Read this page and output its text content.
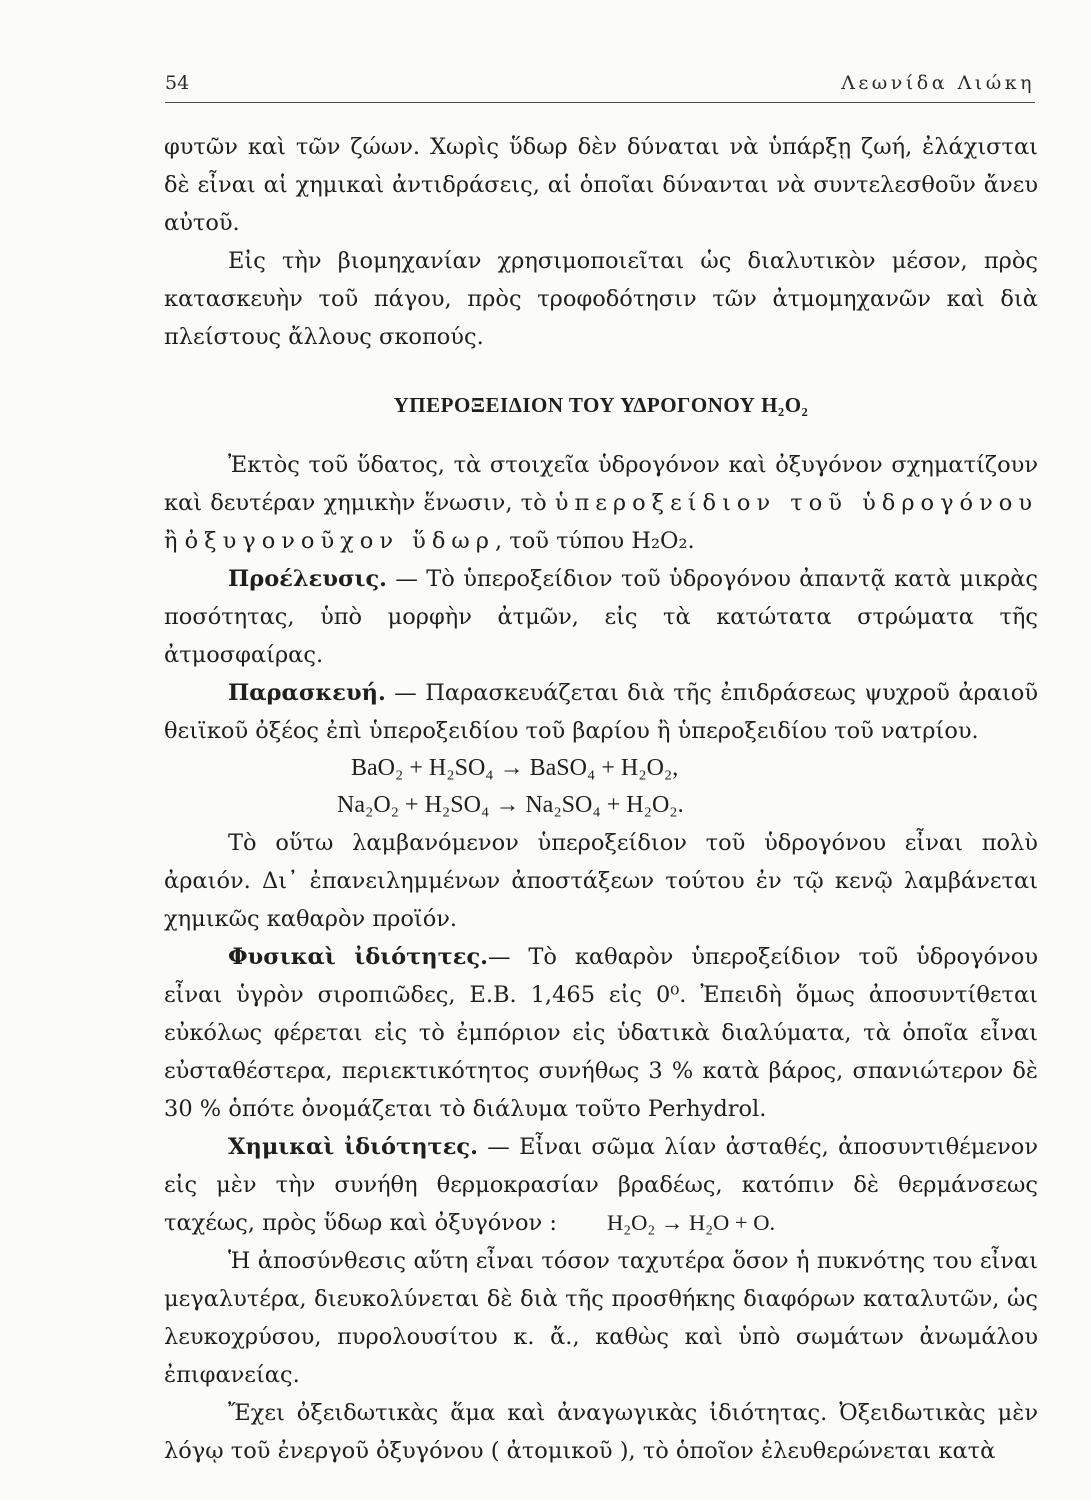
54	Λεωνίδα Λιώκη

φυτῶν καὶ τῶν ζώων. Χωρὶς ὕδωρ δὲν δύναται νὰ ὑπάρξῃ ζωή, ἐλάχισται δὲ εἶναι αἱ χημικαὶ ἀντιδράσεις, αἱ ὁποῖαι δύνανται νὰ συντελεσθοῦν ἄνευ αὐτοῦ.

Εἰς τὴν βιομηχανίαν χρησιμοποιεῖται ὡς διαλυτικὸν μέσον, πρὸς κατασκευὴν τοῦ πάγου, πρὸς τροφοδότησιν τῶν ἀτμομηχανῶν καὶ διὰ πλείστους ἄλλους σκοπούς.

ΥΠΕΡΟΞΕΙΔΙΟΝ ΤΟΥ ΥΔΡΟΓΟΝΟΥ H₂O₂

Ἐκτὸς τοῦ ὕδατος, τὰ στοιχεῖα ὑδρογόνον καὶ ὀξυγόνον σχηματίζουν καὶ δευτέραν χημικὴν ἕνωσιν, τὸ ὑπεροξείδιον τοῦ ὑδρογόνου ἢ ὀξυγονοῦχον ὕδωρ, τοῦ τύπου H₂O₂.

Προέλευσις. — Τὸ ὑπεροξείδιον τοῦ ὑδρογόνου ἀπαντᾷ κατὰ μικρὰς ποσότητας, ὑπὸ μορφὴν ἀτμῶν, εἰς τὰ κατώτατα στρώματα τῆς ἀτμοσφαίρας.

Παρασκευή. — Παρασκευάζεται διὰ τῆς ἐπιδράσεως ψυχροῦ ἀραιοῦ θειϊκοῦ ὀξέος ἐπὶ ὑπεροξειδίου τοῦ βαρίου ἢ ὑπεροξειδίου τοῦ νατρίου.

BaO₂ + H₂SO₄ → BaSO₄ + H₂O₂,

Na₂O₂ + H₂SO₄ → Na₂SO₄ + H₂O₂.

Τὸ οὕτω λαμβανόμενον ὑπεροξείδιον τοῦ ὑδρογόνου εἶναι πολὺ ἀραιόν. Δι᾿ ἐπανειλημμένων ἀποστάξεων τούτου ἐν τῷ κενῷ λαμβάνεται χημικῶς καθαρὸν προϊόν.

Φυσικαὶ ἰδιότητες.— Τὸ καθαρὸν ὑπεροξείδιον τοῦ ὑδρογόνου εἶναι ὑγρὸν σιροπιῶδες, Ε.Β. 1,465 εἰς 0⁰. Ἐπειδὴ ὅμως ἀποσυντίθεται εὐκόλως φέρεται εἰς τὸ ἐμπόριον εἰς ὑδατικὰ διαλύματα, τὰ ὁποῖα εἶναι εὐσταθέστερα, περιεκτικότητος συνήθως 3 % κατὰ βάρος, σπανιώτερον δὲ 30 % ὁπότε ὀνομάζεται τὸ διάλυμα τοῦτο Perhydrol.

Χημικαὶ ἰδιότητες. — Εἶναι σῶμα λίαν ἀσταθές, ἀποσυντιθέμενον εἰς μὲν τὴν συνήθη θερμοκρασίαν βραδέως, κατόπιν δὲ θερμάνσεως ταχέως, πρὸς ὕδωρ καὶ ὀξυγόνον : H₂O₂ → H₂O + O.

Ἡ ἀποσύνθεσις αὕτη εἶναι τόσον ταχυτέρα ὅσον ἡ πυκνότης του εἶναι μεγαλυτέρα, διευκολύνεται δὲ διὰ τῆς προσθήκης διαφόρων καταλυτῶν, ὡς λευκοχρύσου, πυρολουσίτου κ. ἄ., καθὼς καὶ ὑπὸ σωμάτων ἀνωμάλου ἐπιφανείας.

Ἔχει ὀξειδωτικὰς ἅμα καὶ ἀναγωγικὰς ἰδιότητας. Ὀξειδωτικὰς μὲν λόγῳ τοῦ ἐνεργοῦ ὀξυγόνου ( ἀτομικοῦ ), τὸ ὁποῖον ἐλευθερώνεται κατὰ
